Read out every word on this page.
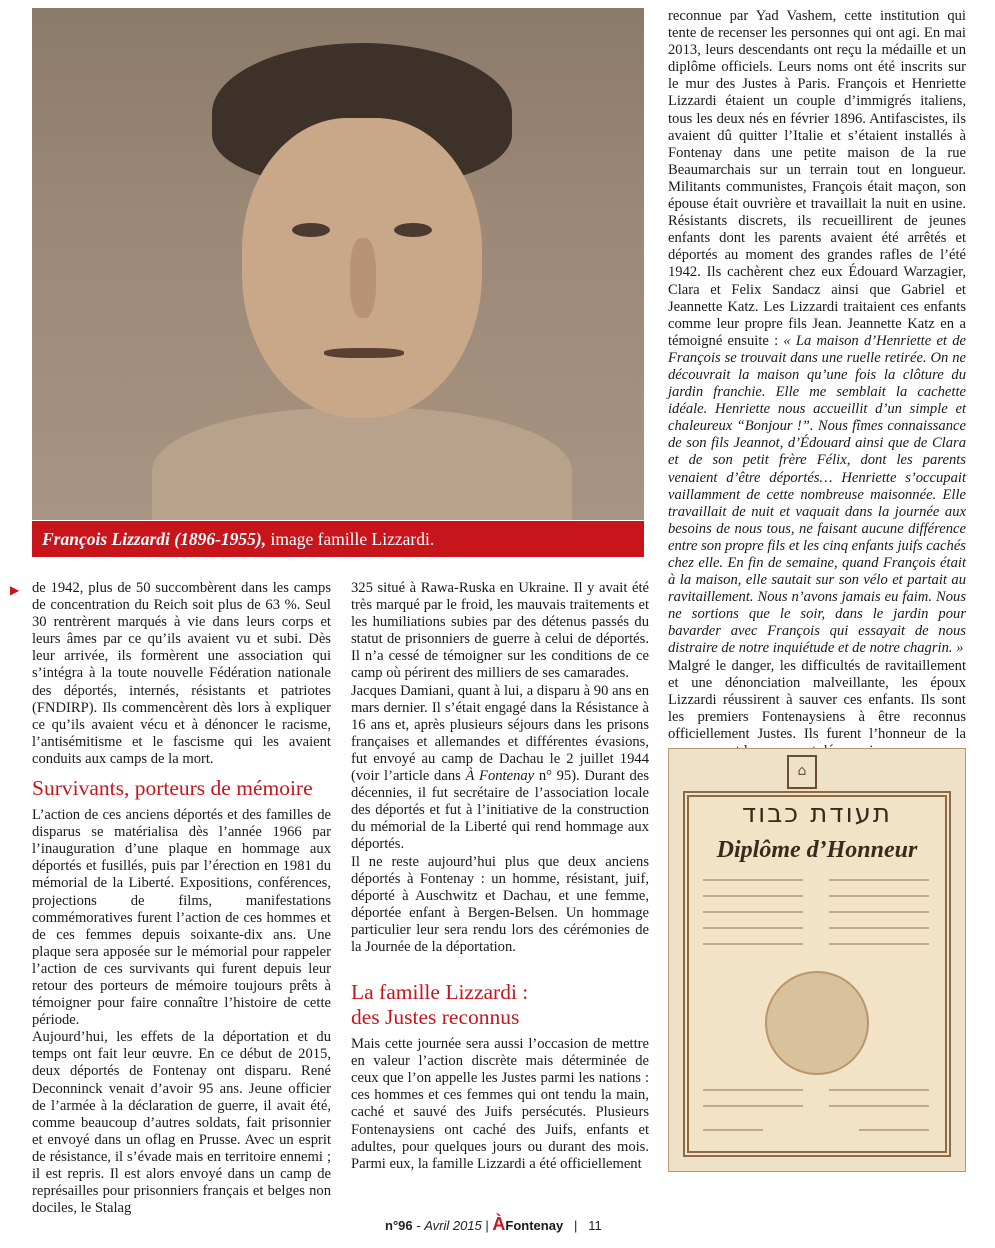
François Lizzardi (1896-1955), image famille Lizzardi.
▶ de 1942, plus de 50 succombèrent dans les camps de concentration du Reich soit plus de 63 %. Seul 30 rentrèrent marqués à vie dans leurs corps et leurs âmes par ce qu’ils avaient vu et subi. Dès leur arrivée, ils formèrent une association qui s’intégra à la toute nouvelle Fédération nationale des déportés, internés, résistants et patriotes (FNDIRP). Ils commencèrent dès lors à expliquer ce qu’ils avaient vécu et à dénoncer le racisme, l’antisémitisme et le fascisme qui les avaient conduits aux camps de la mort.

Survivants, porteurs de mémoire

L’action de ces anciens déportés et des familles de disparus se matérialisa dès l’année 1966 par l’inauguration d’une plaque en hommage aux déportés et fusillés, puis par l’érection en 1981 du mémorial de la Liberté. Expositions, conférences, projections de films, manifestations commémoratives furent l’action de ces hommes et de ces femmes depuis soixante-dix ans. Une plaque sera apposée sur le mémorial pour rappeler l’action de ces survivants qui furent depuis leur retour des porteurs de mémoire toujours prêts à témoigner pour faire connaître l’histoire de cette période.

Aujourd’hui, les effets de la déportation et du temps ont fait leur œuvre. En ce début de 2015, deux déportés de Fontenay ont disparu. René Deconninck venait d’avoir 95 ans. Jeune officier de l’armée à la déclaration de guerre, il avait été, comme beaucoup d’autres soldats, fait prisonnier et envoyé dans un oflag en Prusse. Avec un esprit de résistance, il s’évade mais en territoire ennemi ; il est repris. Il est alors envoyé dans un camp de représailles pour prisonniers français et belges non dociles, le Stalag

325 situé à Rawa-Ruska en Ukraine. Il y avait été très marqué par le froid, les mauvais traitements et les humiliations subies par des détenus passés du statut de prisonniers de guerre à celui de déportés. Il n’a cessé de témoigner sur les conditions de ce camp où périrent des milliers de ses camarades.

Jacques Damiani, quant à lui, a disparu à 90 ans en mars dernier. Il s’était engagé dans la Résistance à 16 ans et, après plusieurs séjours dans les prisons françaises et allemandes et différentes évasions, fut envoyé au camp de Dachau le 2 juillet 1944 (voir l’article dans À Fontenay n° 95). Durant des décennies, il fut secrétaire de l’association locale des déportés et fut à l’initiative de la construction du mémorial de la Liberté qui rend hommage aux déportés.

Il ne reste aujourd’hui plus que deux anciens déportés à Fontenay : un homme, résistant, juif, déporté à Auschwitz et Dachau, et une femme, déportée enfant à Bergen-Belsen. Un hommage particulier leur sera rendu lors des cérémonies de la Journée de la déportation.

La famille Lizzardi :
des Justes reconnus

Mais cette journée sera aussi l’occasion de mettre en valeur l’action discrète mais déterminée de ceux que l’on appelle les Justes parmi les nations : ces hommes et ces femmes qui ont tendu la main, caché et sauvé des Juifs persécutés. Plusieurs Fontenaysiens ont caché des Juifs, enfants et adultes, pour quelques jours ou durant des mois. Parmi eux, la famille Lizzardi a été officiellement

reconnue par Yad Vashem, cette institution qui tente de recenser les personnes qui ont agi. En mai 2013, leurs descendants ont reçu la médaille et un diplôme officiels. Leurs noms ont été inscrits sur le mur des Justes à Paris. François et Henriette Lizzardi étaient un couple d’immigrés italiens, tous les deux nés en février 1896. Antifascistes, ils avaient dû quitter l’Italie et s’étaient installés à Fontenay dans une petite maison de la rue Beaumarchais sur un terrain tout en longueur. Militants communistes, François était maçon, son épouse était ouvrière et travaillait la nuit en usine. Résistants discrets, ils recueillirent de jeunes enfants dont les parents avaient été arrêtés et déportés au moment des grandes rafles de l’été 1942. Ils cachèrent chez eux Édouard Warzagier, Clara et Felix Sandacz ainsi que Gabriel et Jeannette Katz. Les Lizzardi traitaient ces enfants comme leur propre fils Jean. Jeannette Katz en a témoigné ensuite : « La maison d’Henriette et de François se trouvait dans une ruelle retirée. On ne découvrait la maison qu’une fois la clôture du jardin franchie. Elle me semblait la cachette idéale. Henriette nous accueillit d’un simple et chaleureux “Bonjour !”. Nous fîmes connaissance de son fils Jeannot, d’Édouard ainsi que de Clara et de son petit frère Félix, dont les parents venaient d’être déportés… Henriette s’occupait vaillamment de cette nombreuse maisonnée. Elle travaillait de nuit et vaquait dans la journée aux besoins de nous tous, ne faisant aucune différence entre son propre fils et les cinq enfants juifs cachés chez elle. En fin de semaine, quand François était à la maison, elle sautait sur son vélo et partait au ravitaillement. Nous n’avons jamais eu faim. Nous ne sortions que le soir, dans le jardin pour bavarder avec François qui essayait de nous distraire de notre inquiétude et de notre chagrin. »

Malgré le danger, les difficultés de ravitaillement et une dénonciation malveillante, les époux Lizzardi réussirent à sauver ces enfants. Ils sont les premiers Fontenaysiens à être reconnus officiellement Justes. Ils furent l’honneur de la

⌂
תעודת כבוד
Diplôme d’Honneur
n°96 - Avril 2015 | ÀFontenay | 11
